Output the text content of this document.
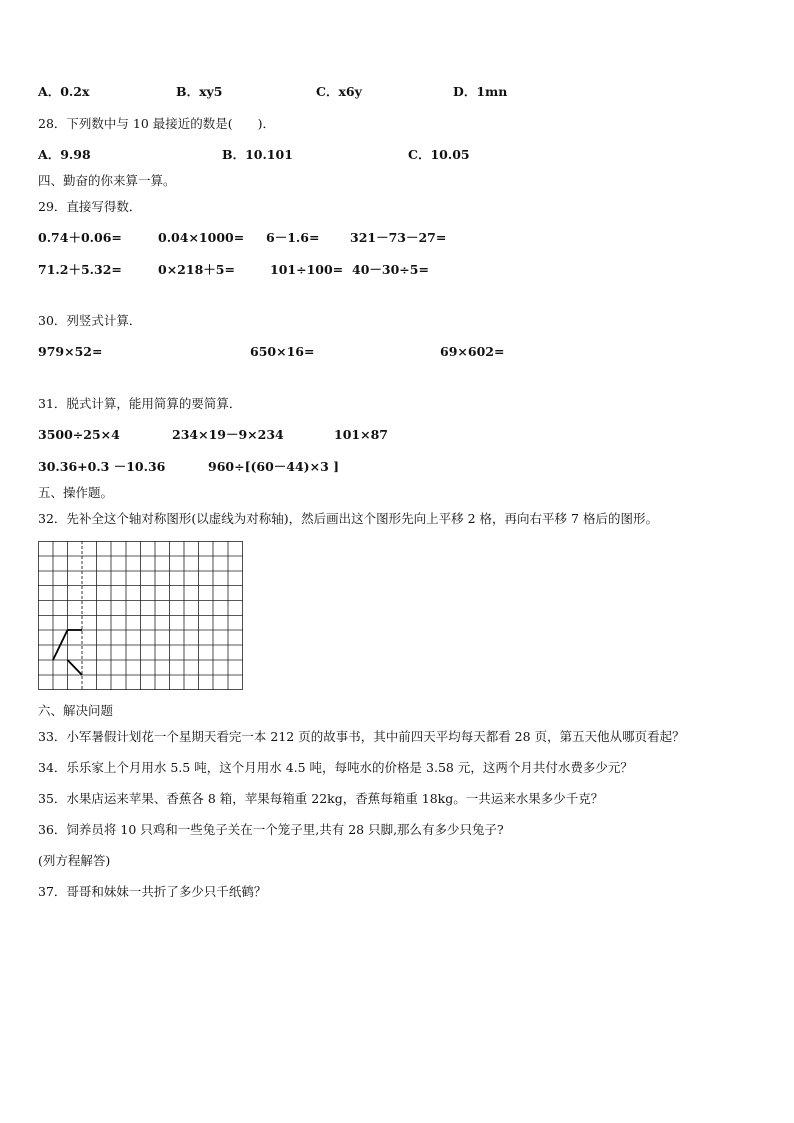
A．0.2x	B．xy5	C．x6y	D．1mn
28．下列数中与 10 最接近的数是(　　)．
A．9.98	B．10.101	C．10.05
四、勤奋的你来算一算。
29．直接写得数．
0.74＋0.06=	0.04×1000= 6－1.6= 321－73－27=
71.2＋5.32=	0×218＋5=	101÷100= 40－30÷5=
30．列竖式计算．
979×52=	650×16=	69×602=
31．脱式计算，能用简算的要简算．
3500÷25×4	234×19－9×234	101×87
30.36+0.3 －10.36	960÷[(60－44)×3 ]
五、操作题。
32．先补全这个轴对称图形(以虚线为对称轴)，然后画出这个图形先向上平移 2 格，再向右平移 7 格后的图形。
六、解决问题
33．小军暑假计划花一个星期天看完一本 212 页的故事书，其中前四天平均每天都看 28 页，第五天他从哪页看起？
34．乐乐家上个月用水 5.5 吨，这个月用水 4.5 吨，每吨水的价格是 3.58 元，这两个月共付水费多少元？
35．水果店运来苹果、香蕉各 8 箱，苹果每箱重 22kg，香蕉每箱重 18kg。一共运来水果多少千克？
36．饲养员将 10 只鸡和一些兔子关在一个笼子里,共有 28 只脚,那么有多少只兔子?
(列方程解答)
37．哥哥和妹妹一共折了多少只千纸鹤？
